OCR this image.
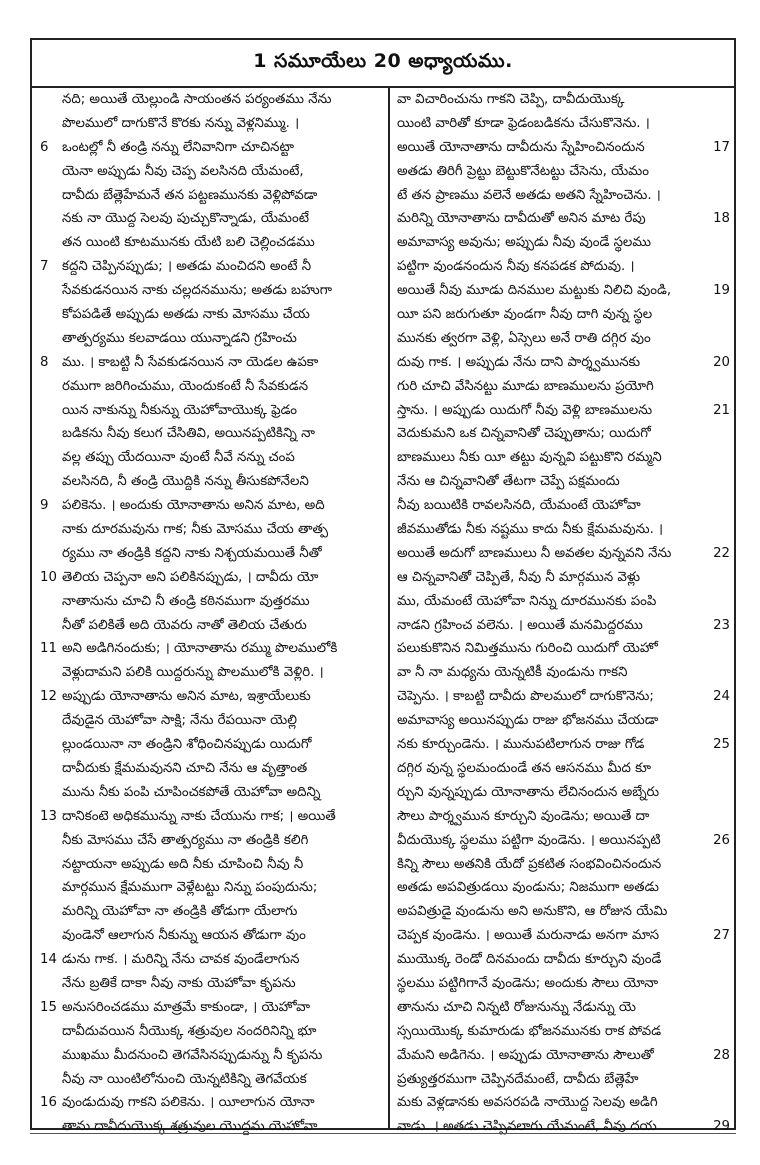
1 సమూయేలు 20 అధ్యాయము.
నది; అయితే యెల్లుండి సాయంతన పర్యంతము నేను
పొలములో దాగుకొనే కొరకు నన్ను వెళ్లనిమ్ము. ।
6 ఒంటల్లో నీ తండ్రి నన్ను లేనివానిగా చూచినట్టా
యెనా అప్పుడు నీవు చెప్ప వలసినది యేమంటే,
దావీదు బేత్లెహేమనే తన పట్టణమునకు వెళ్లిపోవడా
నకు నా యొద్ద సెలవు పుచ్చుకొన్నాడు, యేమంటే
తన యింటి కూటమునకు యేటి బలి చెల్లించడము
7 కద్దని చెప్పినప్పుడు; । అతడు మంచిదని అంటే నీ
సేవకుడనయిన నాకు చల్లదనమును; అతడు బహుగా
కోపపడితే అప్పుడు అతడు నాకు మోసము చేయ
తాత్పర్యము కలవాడయి యున్నాడని గ్రహించు
8 ము. । కాబట్టి నీ సేవకుడనయిన నా యెడల ఉపకా
రముగా జరిగించుము, యెందుకంటే నీ సేవకుడన
యిన నాకున్ను నీకున్ను యెహోవాయొక్క ఫ్రెడం
బడికను నీవు కలుగ చేసితివి, అయినప్పటికిన్ని నా
వల్ల తప్పు యేదయినా వుంటే నీవే నన్ను చంప
వలసినది, నీ తండ్రి యొద్దికి నన్ను తీసుకపోనేలని
9 పలికెను. । అందుకు యోనాతాను అనిన మాట, అది
నాకు దూరమవును గాక; నీకు మోసము చేయ తాత్ప
ర్యము నా తండ్రికి కద్దని నాకు నిశ్చయమయితే నీతో
10 తెలియ చెప్పనా అని పలికినప్పుడు, । దావీదు యో
నాతానును చూచి నీ తండ్రి కఠినముగా వుత్తరము
నీతో పలికితే అది యెవరు నాతో తెలియ చేతురు
11 అని అడిగినందుకు; । యోనాతాను రమ్ము పొలములోకి
వెళ్లుదామని పలికి యిద్దరున్ను పొలములోకి వెళ్లిరి. ।
12 అప్పుడు యోనాతాను అనిన మాట, ఇశ్రాయేలుకు
దేవుడైన యెహోవా సాక్షి; నేను రేపయినా యెల్లి
ల్లుండయినా నా తండ్రిని శోధించినప్పుడు యిదుగో
దావీదుకు క్షేమమవునని చూచి నేను ఆ వృత్తాంత
మును నీకు పంపి చూపించకపోతే యెహోవా అదిన్ని
13 దానికంటె అధికమున్ను నాకు చేయును గాక; । అయితే
నీకు మోసము చేసే తాత్పర్యము నా తండ్రికి కలిగి
నట్టాయనా అప్పుడు అది నీకు చూపించి నీవు నీ
మార్గమున క్షేమముగా వెళ్లేటట్టు నిన్ను పంపుదును;
మరిన్ని యెహోవా నా తండ్రికి తోడుగా యేలాగు
వుండెనో ఆలాగున నీకున్ను ఆయన తోడుగా వుం
14 డును గాక. । మరిన్ని నేను చావక వుండేలాగున
నేను బ్రతికే దాకా నీవు నాకు యెహోవా కృపను
15 అనుసరించడము మాత్రమే కాకుండా, । యెహోవా
దావీదువయిన నీయొక్క శత్రువుల నందరినిన్ని భూ
ముఖము మీదనుంచి తెగవేసినప్పుడున్ను నీ కృపను
నీవు నా యింటిలోనుంచి యెన్నటికిన్ని తెగవేయక
16 వుండుదువు గాకని పలికెను. । యీలాగున యోనా
తాను దావీదుయొక్క శత్రువుల యొద్దను యెహోవా
వా విచారించును గాకని చెప్పి, దావీదుయొక్క
యింటి వారితో కూడా ఫ్రెడంబడికను చేసుకొనెను. ।
17
అయితే యోనాతాను దావీదును స్నేహించినందున
అతడు తిరిగీ ప్రెట్టు బెట్టుకొనేటట్టు చేసెను, యేమం
టే తన ప్రాణము వలెనే అతడు అతని స్నేహించెను. ।
18
మరిన్ని యోనాతాను దావీదుతో అనిన మాట రేపు
అమావాస్య అవును; అప్పుడు నీవు వుండే స్థలము
పట్టిగా వుండనందున నీవు కనపడక పోదువు. ।
19
అయితే నీవు మూడు దినముల మట్టుకు నిలిచి వుండి,
యీ పని జరుగుతూ వుండగా నీవు దాగి వున్న స్థల
మునకు త్వరగా వెళ్లి, ఏస్సెలు అనే రాతి దగ్గిర వుం
20
దువు గాక. । అప్పుడు నేను దాని పార్శ్వమునకు
గురి చూచి వేసినట్టు మూడు బాణములను ప్రయోగి
21
స్తాను. । అప్పుడు యిదుగో నీవు వెళ్లి బాణములను
వెదుకుమని ఒక చిన్నవానితో చెప్పుతాను; యిదుగో
బాణములు నీకు యీ తట్టు వున్నవి పట్టుకొని రమ్మని
నేను ఆ చిన్నవానితో తేటగా చెప్పే పక్షమందు
నీవు బయిటికి రావలసినది, యేమంటే యెహోవా
జీవముతోడు నీకు నష్టము కాదు నీకు క్షేమమవును. ।
22
అయితే అదుగో బాణములు నీ అవతల వున్నవని నేను
ఆ చిన్నవానితో చెప్పితే, నీవు నీ మార్గమున వెళ్లు
ము, యేమంటే యెహోవా నిన్ను దూరమునకు పంపి
23
నాడని గ్రహించ వలెను. । అయితే మనమిద్దరము
పలుకుకొనిన నిమిత్తమును గురించి యిదుగో యెహో
వా నీ నా మధ్యను యెన్నటికీ వుండును గాకని
24
చెప్పెను. । కాబట్టి దావీదు పొలములో దాగుకొనెను;
అమావాస్య అయినప్పుడు రాజు భోజనము చేయడా
25
నకు కూర్చుండెను. । మునుపటిలాగున రాజు గోడ
దగ్గిర వున్న స్థలమందుండే తన ఆసనము మీద కూ
ర్చుని వున్నప్పుడు యోనాతాను లేచినందున అబ్నేరు
సౌలు పార్శ్వమున కూర్చుని వుండెను; అయితే దా
26
వీదుయొక్క స్థలము పట్టిగా వుండెను. । అయినప్పటి
కిన్ని సౌలు అతనికి యేదో ప్రకటిత సంభవించినందున
అతడు అపవిత్రుడయి వుండును; నిజముగా అతడు
అపవిత్రుడై వుండును అని అనుకొని, ఆ రోజున యేమి
27
చెప్పక వుండెను. । అయితే మరునాడు అనగా మాస
ముయొక్క రెండో దినమందు దావీదు కూర్చుని వుండే
స్థలము పట్టిగిగానే వుండెను; అందుకు సౌలు యోనా
తానును చూచి నిన్నటి రోజునున్ను నేడున్ను యె
స్సయియొక్క కుమారుడు భోజనమునకు రాక పోవడ
28
మేమని అడిగెను. । అప్పుడు యోనాతాను సౌలుతో
ప్రత్యుత్తరముగా చెప్పినదేమంటే, దావీదు బేత్లెహే
మకు వెళ్లడానకు అవసరపడి నాయొద్ద సెలవు అడిగి
29
నాడు. । అతడు చెప్పినలాగు యేమంటే, నీవు దయ
